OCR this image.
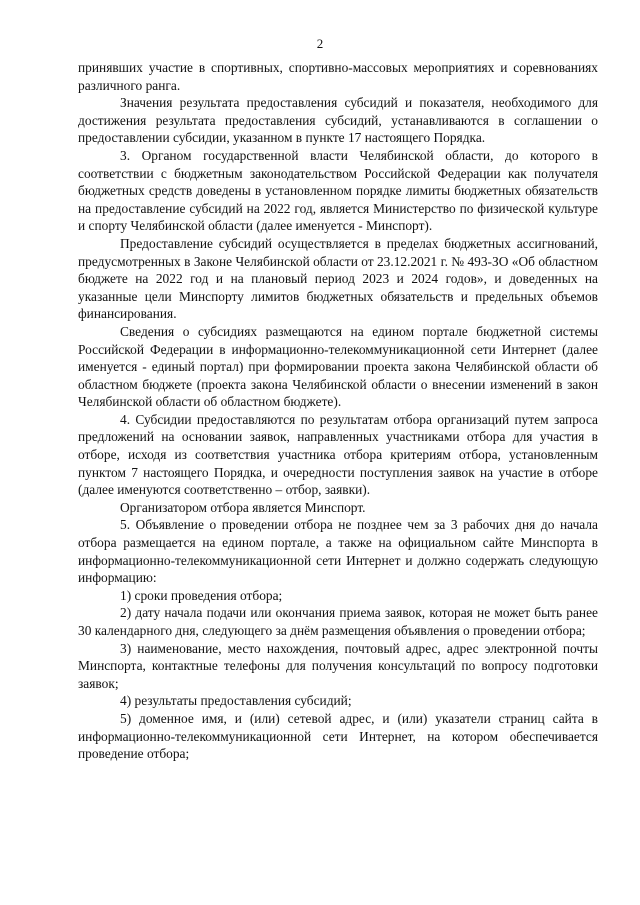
2

принявших участие в спортивных, спортивно-массовых мероприятиях и соревнованиях различного ранга.

Значения результата предоставления субсидий и показателя, необходимого для достижения результата предоставления субсидий, устанавливаются в соглашении о предоставлении субсидии, указанном в пункте 17 настоящего Порядка.

3. Органом государственной власти Челябинской области, до которого в соответствии с бюджетным законодательством Российской Федерации как получателя бюджетных средств доведены в установленном порядке лимиты бюджетных обязательств на предоставление субсидий на 2022 год, является Министерство по физической культуре и спорту Челябинской области (далее именуется - Минспорт).

Предоставление субсидий осуществляется в пределах бюджетных ассигнований, предусмотренных в Законе Челябинской области от 23.12.2021 г. № 493-ЗО «Об областном бюджете на 2022 год и на плановый период 2023 и 2024 годов», и доведенных на указанные цели Минспорту лимитов бюджетных обязательств и предельных объемов финансирования.

Сведения о субсидиях размещаются на едином портале бюджетной системы Российской Федерации в информационно-телекоммуникационной сети Интернет (далее именуется - единый портал) при формировании проекта закона Челябинской области об областном бюджете (проекта закона Челябинской области о внесении изменений в закон Челябинской области об областном бюджете).

4. Субсидии предоставляются по результатам отбора организаций путем запроса предложений на основании заявок, направленных участниками отбора для участия в отборе, исходя из соответствия участника отбора критериям отбора, установленным пунктом 7 настоящего Порядка, и очередности поступления заявок на участие в отборе (далее именуются соответственно – отбор, заявки).

Организатором отбора является Минспорт.

5. Объявление о проведении отбора не позднее чем за 3 рабочих дня до начала отбора размещается на едином портале, а также на официальном сайте Минспорта в информационно-телекоммуникационной сети Интернет и должно содержать следующую информацию:

1) сроки проведения отбора;

2) дату начала подачи или окончания приема заявок, которая не может быть ранее 30 календарного дня, следующего за днём размещения объявления о проведении отбора;

3) наименование, место нахождения, почтовый адрес, адрес электронной почты Минспорта, контактные телефоны для получения консультаций по вопросу подготовки заявок;

4) результаты предоставления субсидий;

5) доменное имя, и (или) сетевой адрес, и (или) указатели страниц сайта в информационно-телекоммуникационной сети Интернет, на котором обеспечивается проведение отбора;
